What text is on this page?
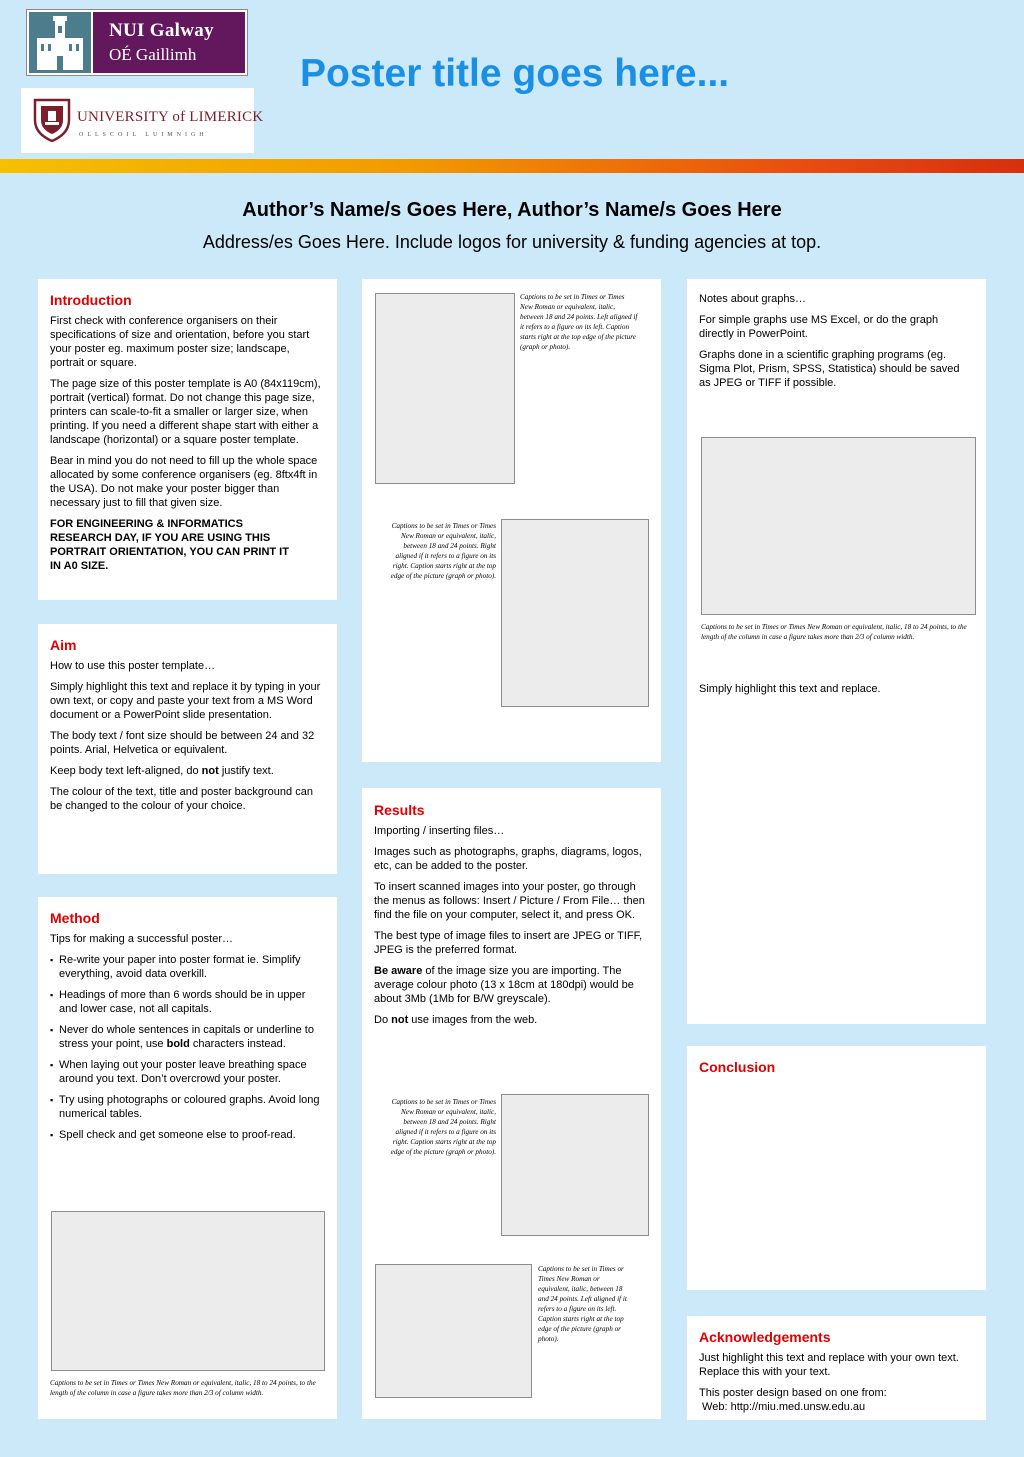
NUI Galway
OÉ Gaillimh
UNIVERSITY of LIMERICK
OLLSCOIL LUIMNIGH
Poster title goes here...
Author’s Name/s Goes Here, Author’s Name/s Goes Here
Address/es Goes Here. Include logos for university & funding agencies at top.
Introduction

First check with conference organisers on their specifications of size and orientation, before you start your poster eg. maximum poster size; landscape, portrait or square.

The page size of this poster template is A0 (84x119cm), portrait (vertical) format. Do not change this page size, printers can scale-to-fit a smaller or larger size, when printing. If you need a different shape start with either a landscape (horizontal) or a square poster template.

Bear in mind you do not need to fill up the whole space allocated by some conference organisers (eg. 8ftx4ft in the USA). Do not make your poster bigger than necessary just to fill that given size.

FOR ENGINEERING & INFORMATICS RESEARCH DAY, IF YOU ARE USING THIS PORTRAIT ORIENTATION, YOU CAN PRINT IT IN A0 SIZE.

Aim

How to use this poster template…

Simply highlight this text and replace it by typing in your own text, or copy and paste your text from a MS Word document or a PowerPoint slide presentation.

The body text / font size should be between 24 and 32 points. Arial, Helvetica or equivalent.

Keep body text left-aligned, do not justify text.

The colour of the text, title and poster background can be changed to the colour of your choice.

Method

Tips for making a successful poster…

▪ Re-write your paper into poster format ie. Simplify everything, avoid data overkill.
▪ Headings of more than 6 words should be in upper and lower case, not all capitals.
▪ Never do whole sentences in capitals or underline to stress your point, use bold characters instead.
▪ When laying out your poster leave breathing space around you text. Don’t overcrowd your poster.
▪ Try using photographs or coloured graphs. Avoid long numerical tables.
▪ Spell check and get someone else to proof-read.
Captions to be set in Times or Times New Roman or equivalent, italic, 18 to 24 points, to the length of the column in case a figure takes more than 2/3 of column width.
Captions to be set in Times or Times New Roman or equivalent, italic, between 18 and 24 points. Left aligned if it refers to a figure on its left. Caption starts right at the top edge of the picture (graph or photo).
Captions to be set in Times or Times New Roman or equivalent, italic, between 18 and 24 points. Right aligned if it refers to a figure on its right. Caption starts right at the top edge of the picture (graph or photo).
Results

Importing / inserting files…

Images such as photographs, graphs, diagrams, logos, etc, can be added to the poster.

To insert scanned images into your poster, go through the menus as follows: Insert / Picture / From File… then find the file on your computer, select it, and press OK.

The best type of image files to insert are JPEG or TIFF, JPEG is the preferred format.

Be aware of the image size you are importing. The average colour photo (13 x 18cm at 180dpi) would be about 3Mb (1Mb for B/W greyscale).

Do not use images from the web.

Captions to be set in Times or Times New Roman or equivalent, italic, between 18 and 24 points. Right aligned if it refers to a figure on its right. Caption starts right at the top edge of the picture (graph or photo).
Captions to be set in Times or Times New Roman or equivalent, italic, between 18 and 24 points. Left aligned if it refers to a figure on its left. Caption starts right at the top edge of the picture (graph or photo).

Notes about graphs…

For simple graphs use MS Excel, or do the graph directly in PowerPoint.

Graphs done in a scientific graphing programs (eg. Sigma Plot, Prism, SPSS, Statistica) should be saved as JPEG or TIFF if possible.

Captions to be set in Times or Times New Roman or equivalent, italic, 18 to 24 points, to the length of the column in case a figure takes more than 2/3 of column width.

Simply highlight this text and replace.

Conclusion
Acknowledgements

Just highlight this text and replace with your own text. Replace this with your text.

This poster design based on one from:

Web: http://miu.med.unsw.edu.au
